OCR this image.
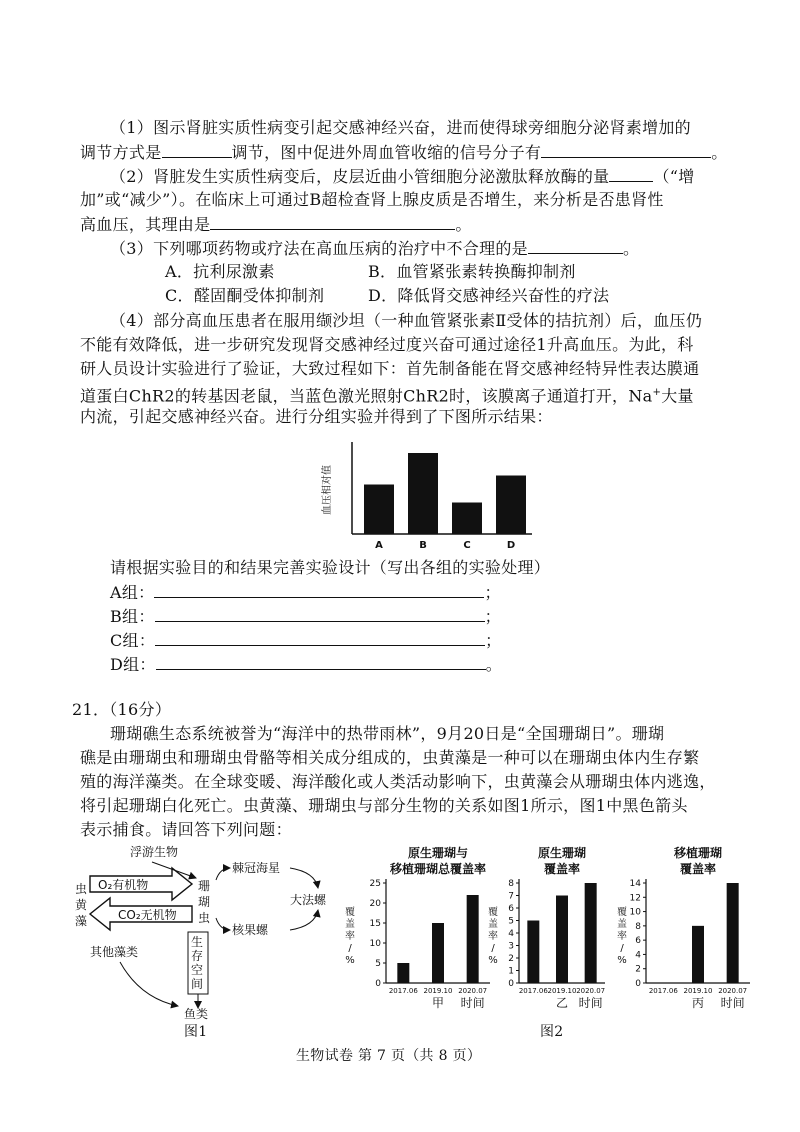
（1）图示肾脏实质性病变引起交感神经兴奋，进而使得球旁细胞分泌肾素增加的
调节方式是	调节，图中促进外周血管收缩的信号分子有	。
（2）肾脏发生实质性病变后，皮层近曲小管细胞分泌激肽释放酶的量	（“增
加”或“减少”）。在临床上可通过B超检查肾上腺皮质是否增生，来分析是否患肾性
高血压，其理由是	。
（3）下列哪项药物或疗法在高血压病的治疗中不合理的是	。
A．抗利尿激素	B．血管紧张素转换酶抑制剂
C．醛固酮受体抑制剂	D．降低肾交感神经兴奋性的疗法
（4）部分高血压患者在服用缬沙坦（一种血管紧张素Ⅱ受体的拮抗剂）后，血压仍
不能有效降低，进一步研究发现肾交感神经过度兴奋可通过途径1升高血压。为此，科
研人员设计实验进行了验证，大致过程如下：首先制备能在肾交感神经特异性表达膜通
道蛋白ChR2的转基因老鼠，当蓝色激光照射ChR2时，该膜离子通道打开，Na+大量
内流，引起交感神经兴奋。进行分组实验并得到了下图所示结果：
血压相对值
A	B	C	D
请根据实验目的和结果完善实验设计（写出各组的实验处理）
A组：	；
B组：	；
C组：	；
D组：	。
21．（16分）
珊瑚礁生态系统被誉为“海洋中的热带雨林”，9月20日是“全国珊瑚日”。珊瑚
礁是由珊瑚虫和珊瑚虫骨骼等相关成分组成的，虫黄藻是一种可以在珊瑚虫体内生存繁
殖的海洋藻类。在全球变暖、海洋酸化或人类活动影响下，虫黄藻会从珊瑚虫体内逃逸，
将引起珊瑚白化死亡。虫黄藻、珊瑚虫与部分生物的关系如图1所示，图1中黑色箭头
表示捕食。请回答下列问题：
浮游生物
虫
黄
藻
O₂有机物
CO₂无机物
珊
瑚
虫
棘冠海星
大法螺
核果螺
生
存
空
间
其他藻类
鱼类
图1
原生珊瑚与
移植珊瑚总覆盖率
0
5
10
15
20
25
覆
盖
率
/
%
2017.06 2019.10 2020.07
甲 时间
原生珊瑚
覆盖率
0
1
2
3
4
5
6
7
8
覆
盖
率
/
%
2017.06 2019.10 2020.07
乙 时间
移植珊瑚
覆盖率
0
2
4
6
8
10
12
14
覆
盖
率
/
%
2017.06 2019.10 2020.07
丙 时间
图2
生物试卷 第 7 页（共 8 页）
